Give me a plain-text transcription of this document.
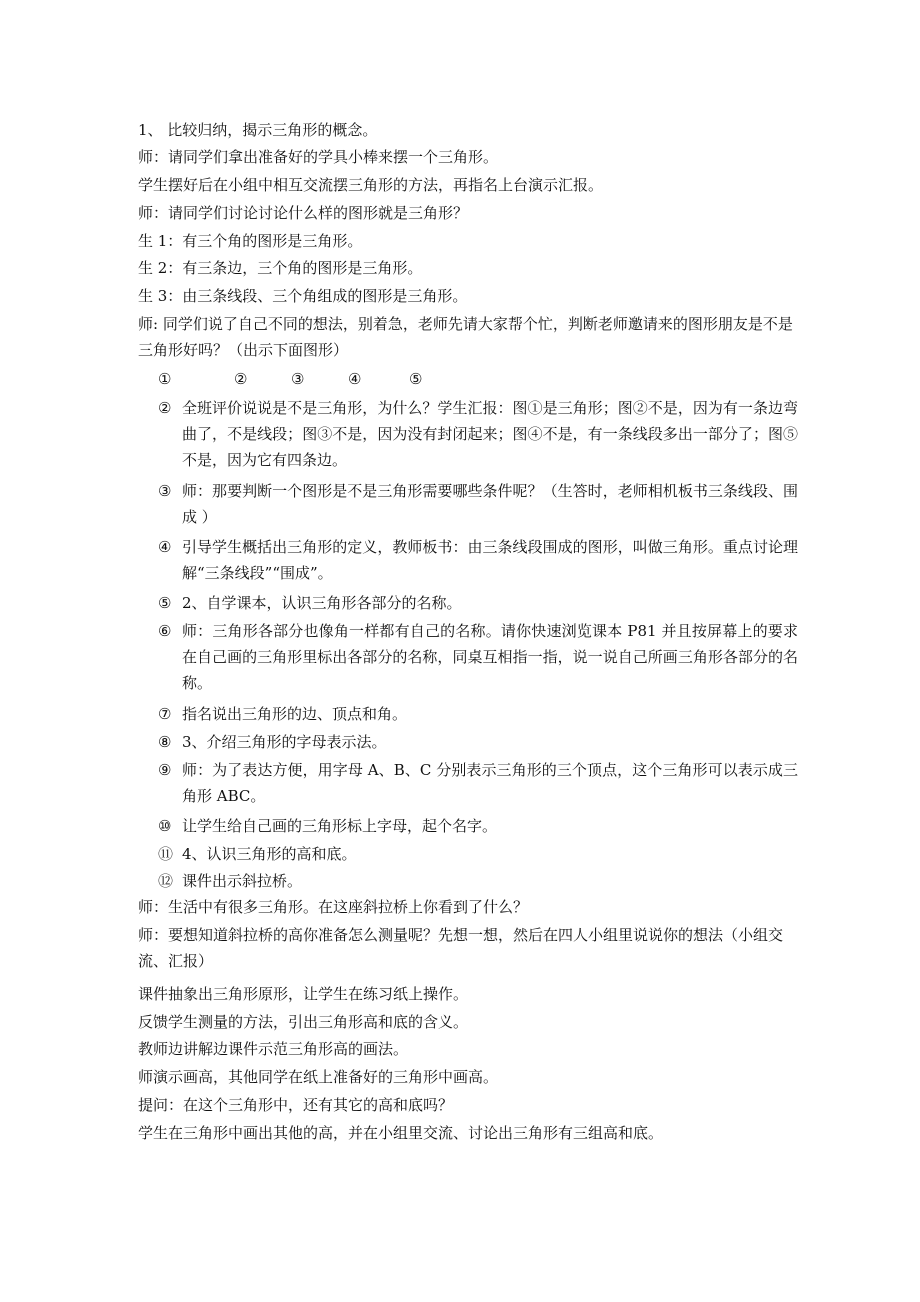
1、 比较归纳，揭示三角形的概念。
师：请同学们拿出准备好的学具小棒来摆一个三角形。
学生摆好后在小组中相互交流摆三角形的方法，再指名上台演示汇报。
师：请同学们讨论讨论什么样的图形就是三角形？
生 1：有三个角的图形是三角形。
生 2：有三条边，三个角的图形是三角形。
生 3：由三条线段、三个角组成的图形是三角形。
师: 同学们说了自己不同的想法，别着急，老师先请大家帮个忙，判断老师邀请来的图形朋友是不是三角形好吗？（出示下面图形）
①	②	③	④	⑤
② 全班评价说说是不是三角形，为什么？学生汇报：图①是三角形；图②不是，因为有一条边弯曲了，不是线段；图③不是，因为没有封闭起来；图④不是，有一条线段多出一部分了；图⑤不是，因为它有四条边。
③ 师：那要判断一个图形是不是三角形需要哪些条件呢？（生答时，老师相机板书三条线段、围成 ）
④ 引导学生概括出三角形的定义，教师板书：由三条线段围成的图形，叫做三角形。重点讨论理解“三条线段”“围成”。
⑤ 2、自学课本，认识三角形各部分的名称。
⑥ 师：三角形各部分也像角一样都有自己的名称。请你快速浏览课本 P81 并且按屏幕上的要求在自己画的三角形里标出各部分的名称，同桌互相指一指，说一说自己所画三角形各部分的名称。
⑦ 指名说出三角形的边、顶点和角。
⑧ 3、介绍三角形的字母表示法。
⑨ 师：为了表达方便，用字母 A、B、C 分别表示三角形的三个顶点，这个三角形可以表示成三角形 ABC。
⑩ 让学生给自己画的三角形标上字母，起个名字。
⑪ 4、认识三角形的高和底。
⑫ 课件出示斜拉桥。
师：生活中有很多三角形。在这座斜拉桥上你看到了什么？
师：要想知道斜拉桥的高你准备怎么测量呢？先想一想，然后在四人小组里说说你的想法（小组交流、汇报）
课件抽象出三角形原形，让学生在练习纸上操作。
反馈学生测量的方法，引出三角形高和底的含义。
教师边讲解边课件示范三角形高的画法。
师演示画高，其他同学在纸上准备好的三角形中画高。
提问：在这个三角形中，还有其它的高和底吗？
学生在三角形中画出其他的高，并在小组里交流、讨论出三角形有三组高和底。
